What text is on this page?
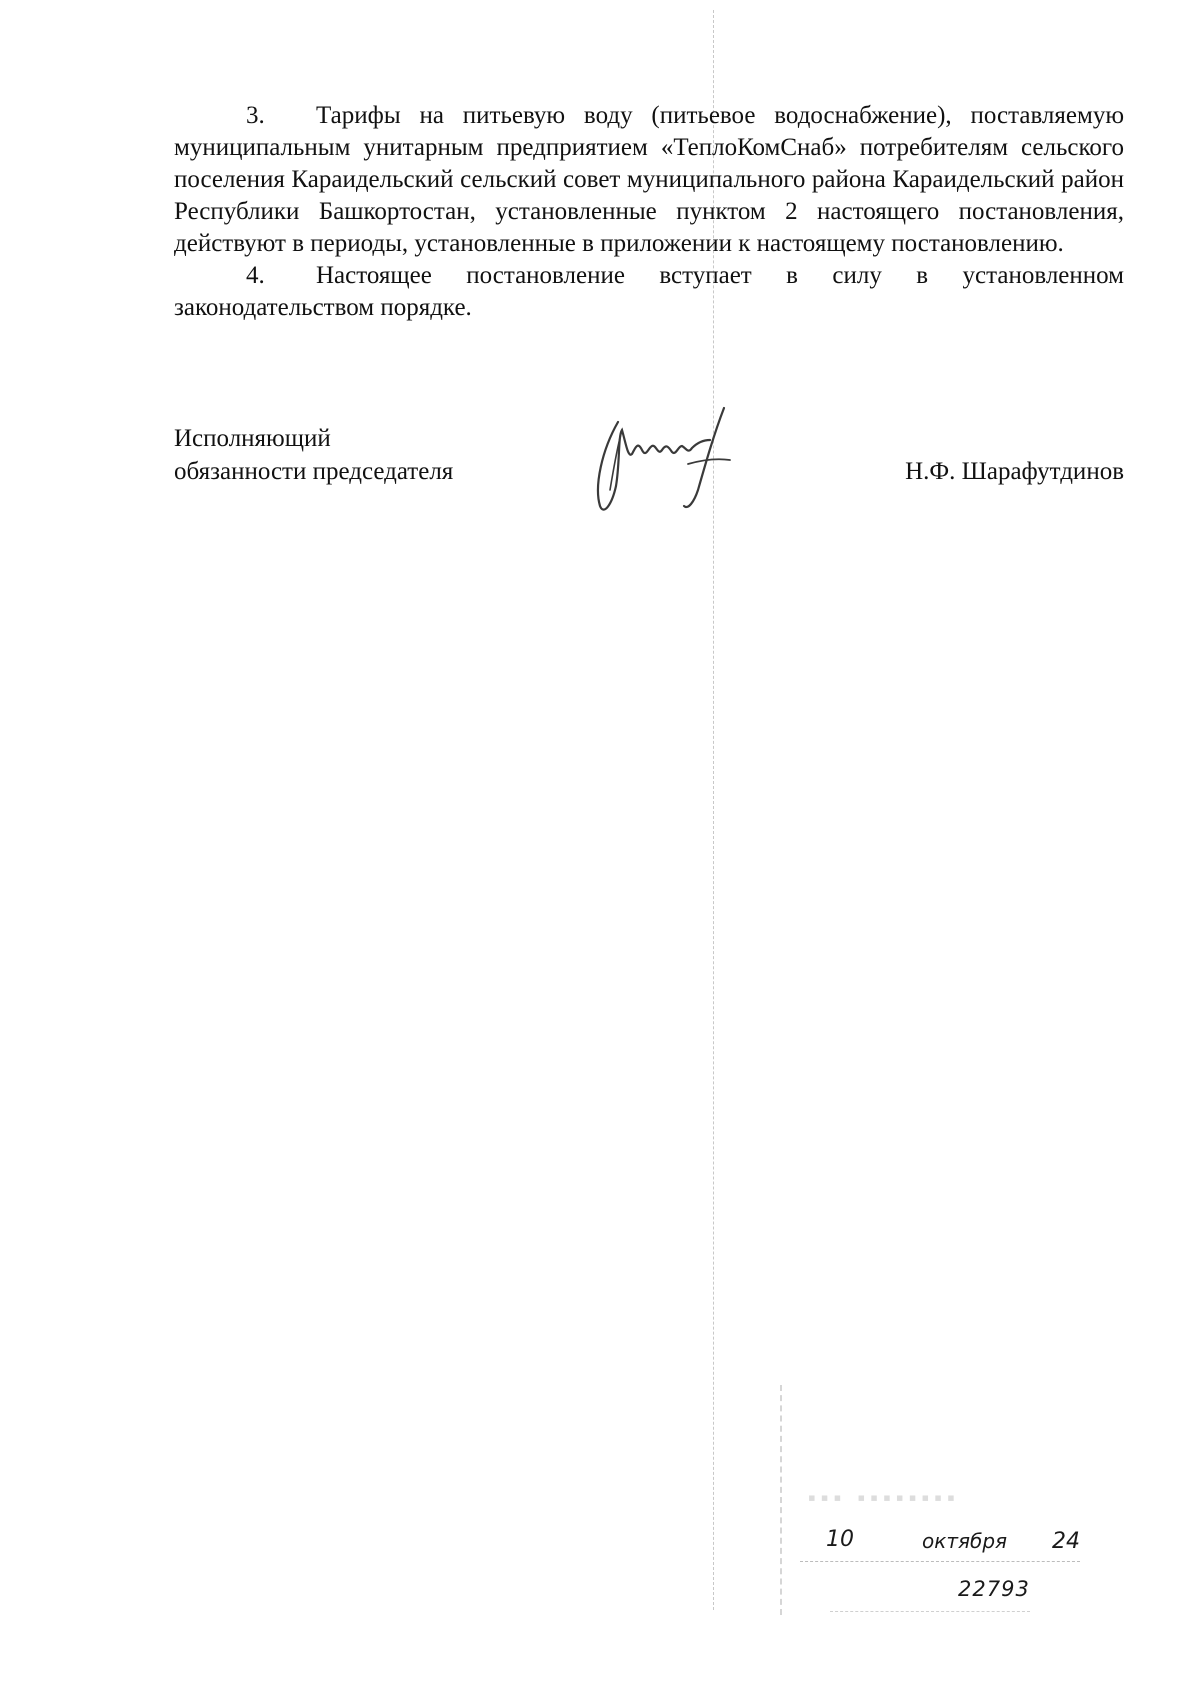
3. Тарифы на питьевую воду (питьевое водоснабжение), поставляемую муниципальным унитарным предприятием «ТеплоКомСнаб» потребителям сельского поселения Караидельский сельский совет муниципального района Караидельский район Республики Башкортостан, установленные пунктом 2 настоящего постановления, действуют в периоды, установленные в приложении к настоящему постановлению.

4. Настоящее постановление вступает в силу в установленном законодательством порядке.

Исполняющий
обязанности председателя	Н.Ф. Шарафутдинов
▪▪▪ ▪▪▪▪▪▪▪▪
10	октября 24
22793
